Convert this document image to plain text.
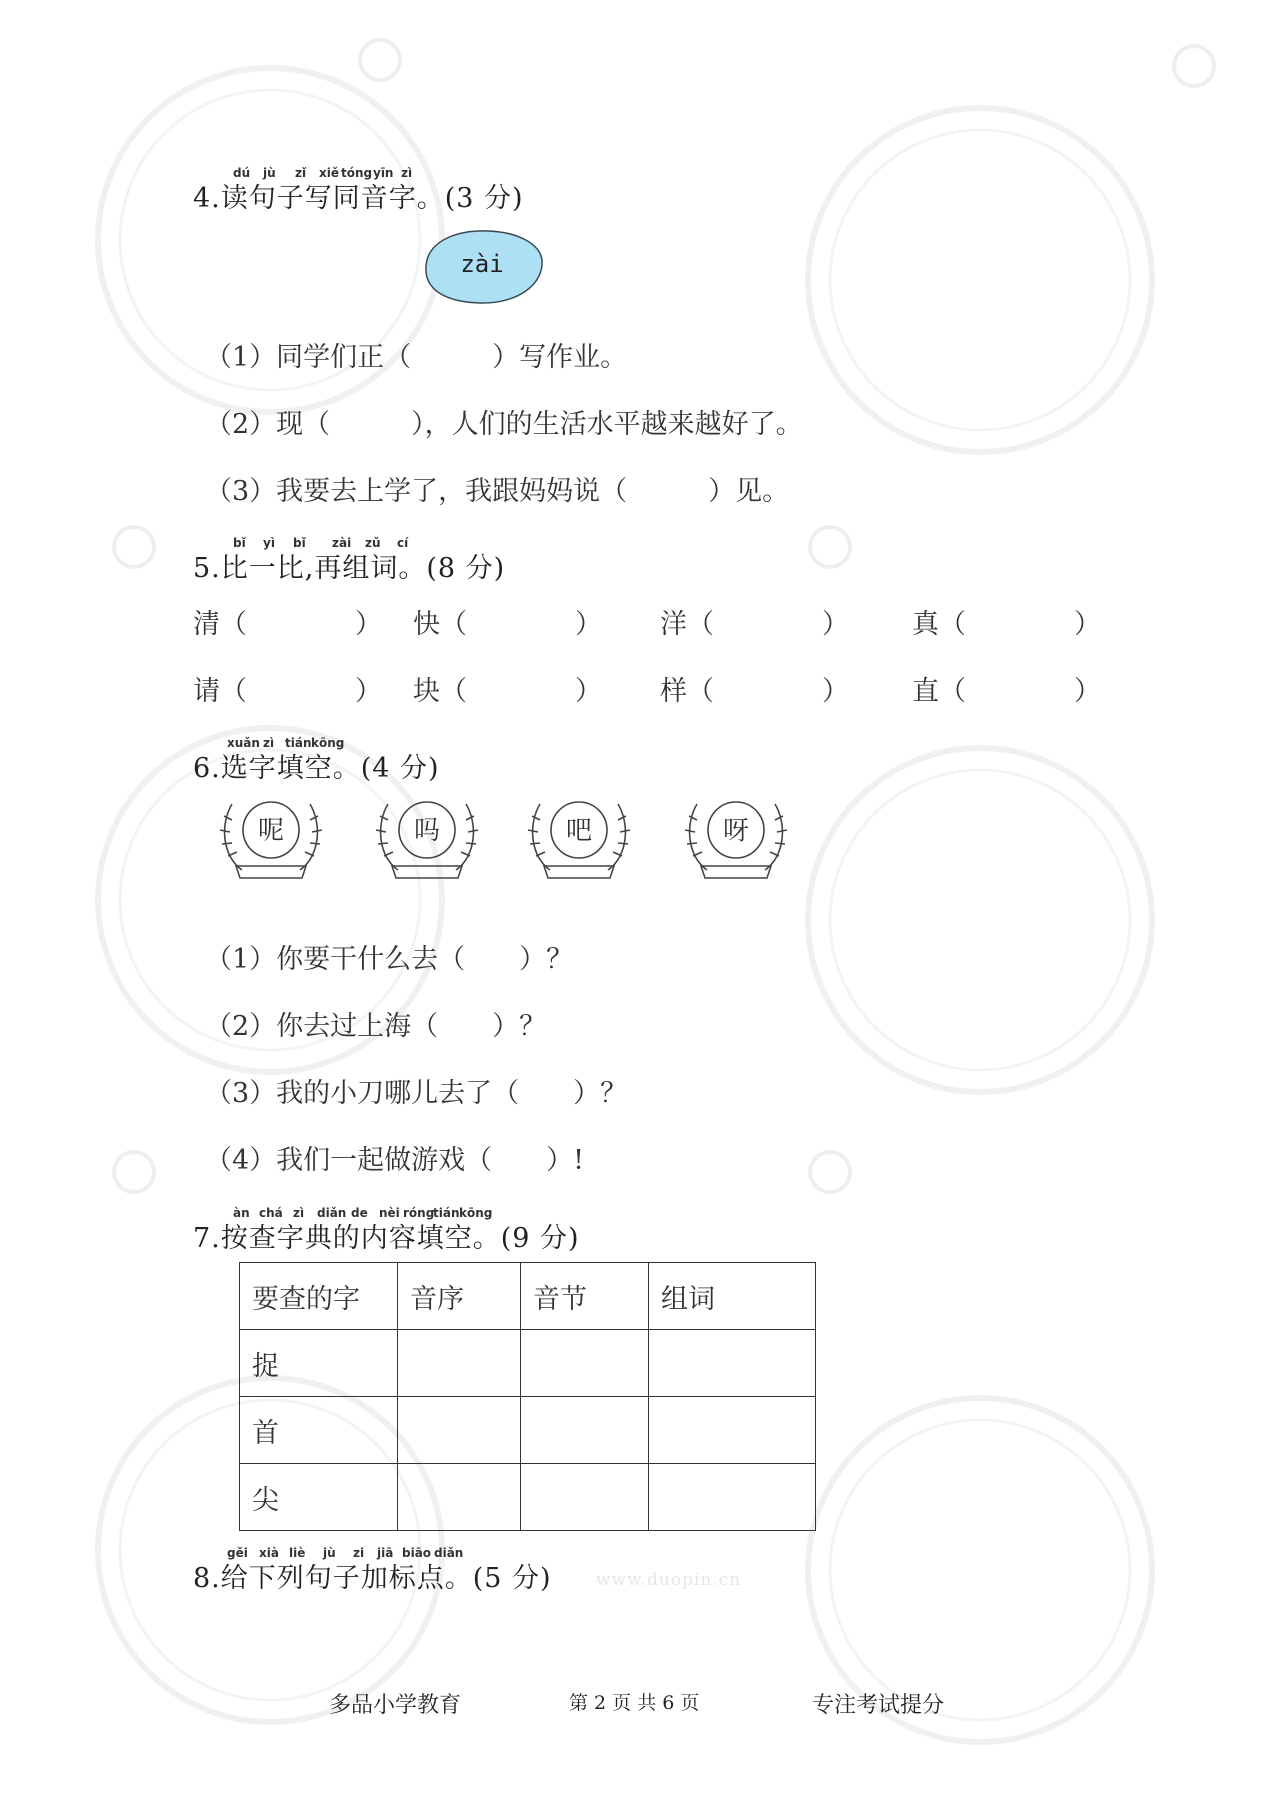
www.duopin.cn
dú jù zǐ xiě tóng yīn zì
4.读句子写同音字。(3 分)
zài
（1）同学们正（　　　）写作业。
（2）现（　　　），人们的生活水平越来越好了。
（3）我要去上学了，我跟妈妈说（　　　）见。
bǐ yì bǐ zài zǔ cí
5.比一比,再组词。(8 分)
清（　　　　） 快（　　　　） 洋（　　　　） 真（　　　　）
请（　　　　） 块（　　　　） 样（　　　　） 直（　　　　）
xuǎn zì tián kōng
6.选字填空。(4 分)
呢	吗	吧	呀
（1）你要干什么去（　　）？
（2）你去过上海（　　）？
（3）我的小刀哪儿去了（　　）？
（4）我们一起做游戏（　　）!
àn chá zì diǎn de nèi róng
tián kōng
7.按查字典的内容填空。(9 分)
要查的字	音序	音节	组词
捉			
首			
尖			
gěi xià liè jù zi jiā biāo diǎn
8.给下列句子加标点。(5 分)
多品小学教育	第 2 页 共 6 页	专注考试提分
